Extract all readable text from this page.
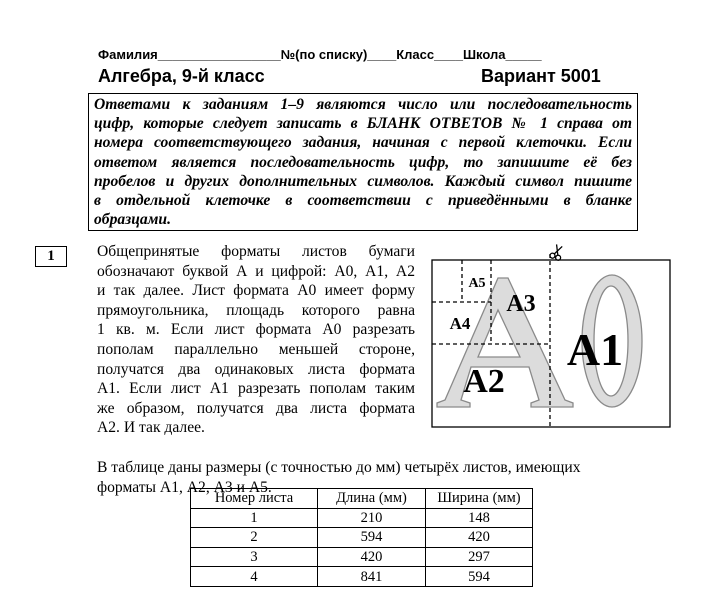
Фамилия_________________№(по списку)____Класс____Школа_____
Алгебра, 9-й класс	Вариант 5001
Ответами к заданиям 1–9 являются число или последовательность
цифр, которые следует записать в БЛАНК ОТВЕТОВ № 1 справа от
номера соответствующего задания, начиная с первой клеточки. Если
ответом является последовательность цифр, то запишите её без
пробелов и других дополнительных символов. Каждый символ пишите
в отдельной клеточке в соответствии с приведёнными в бланке
образцами.
1	Общепринятые форматы листов бумаги
обозначают буквой А и цифрой: А0, А1, А2
и так далее. Лист формата А0 имеет форму
прямоугольника, площадь которого равна
1 кв. м. Если лист формата А0 разрезать
пополам параллельно меньшей стороне,
получатся два одинаковых листа формата
А1. Если лист А1 разрезать пополам таким
же образом, получатся два листа формата
А2. И так далее.
В таблице даны размеры (с точностью до мм) четырёх листов, имеющих
форматы А1, А2, А3 и А5.
A1
A2
A3
A4
A5
Номер листа	Длина (мм)	Ширина (мм)
1	210	148
2	594	420
3	420	297
4	841	594
